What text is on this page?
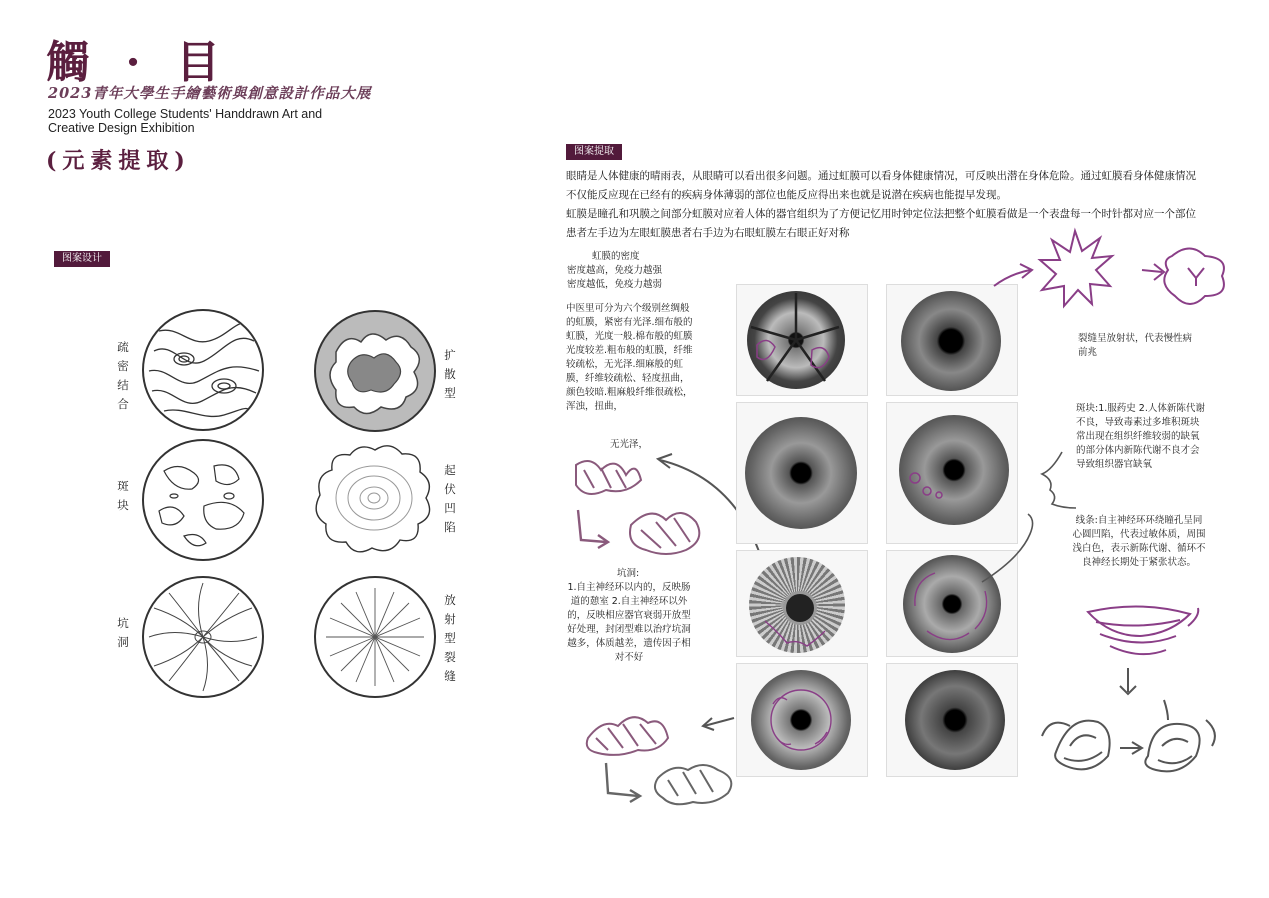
觸 · 目
2023青年大學生手繪藝術與創意設計作品大展
2023 Youth College Students' Handdrawn Art and Creative Design Exhibition
(元素提取)
图案设计
疏密结合
扩散型
斑块
起伏凹陷
坑洞
放射型裂缝
图案提取
眼睛是人体健康的晴雨表，从眼睛可以看出很多问题。通过虹膜可以看身体健康情况，可反映出潜在身体危险。通过虹膜看身体健康情况
不仅能反应现在已经有的疾病身体薄弱的部位也能反应得出来也就是说潜在疾病也能提早发现。
虹膜是瞳孔和巩膜之间部分虹膜对应着人体的器官组织为了方便记忆用时钟定位法把整个虹膜看做是一个表盘每一个时针都对应一个部位
患者左手边为左眼虹膜患者右手边为右眼虹膜左右眼正好对称
虹膜的密度
密度越高，免疫力越强
密度越低，免疫力越弱
中医里可分为六个级别丝绸般的虹膜，紧密有光泽.细布般的虹膜，光度一般.棉布般的虹膜光度较差.粗布般的虹膜，纤维较疏松，无光泽.细麻般的虹膜，纤维较疏松、轻度扭曲，颜色较暗.粗麻般纤维很疏松，浑浊，扭曲，
无光泽，
坑洞:
1.自主神经环以内的，反映肠道的憩室 2.自主神经环以外的，反映相应器官衰弱开放型好处理，封闭型难以治疗坑洞越多，体质越差，遗传因子相对不好
裂缝呈放射状，代表慢性病前兆
斑块:1.服药史 2.人体新陈代谢不良，导致毒素过多堆积斑块常出现在组织纤维较弱的缺氧的部分体内新陈代谢不良才会导致组织器官缺氧
线条:自主神经环环绕瞳孔呈同心圆凹陷，代表过敏体质，周围浅白色，表示新陈代谢、循环不良神经长期处于紧张状态。
